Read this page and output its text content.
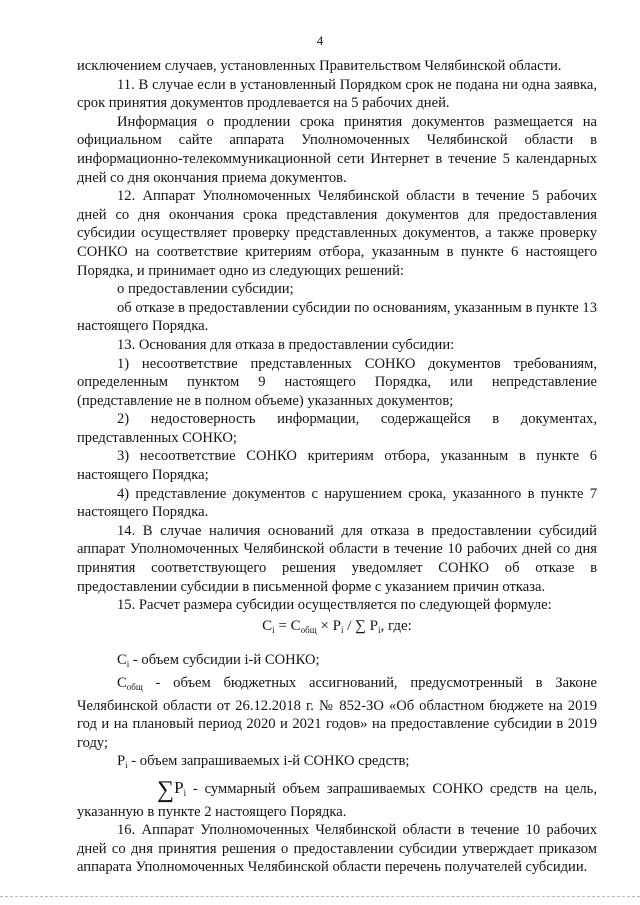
4

исключением случаев, установленных Правительством Челябинской области.

11. В случае если в установленный Порядком срок не подана ни одна заявка, срок принятия документов продлевается на 5 рабочих дней.

Информация о продлении срока принятия документов размещается на официальном сайте аппарата Уполномоченных Челябинской области в информационно-телекоммуникационной сети Интернет в течение 5 календарных дней со дня окончания приема документов.

12. Аппарат Уполномоченных Челябинской области в течение 5 рабочих дней со дня окончания срока представления документов для предоставления субсидии осуществляет проверку представленных документов, а также проверку СОНКО на соответствие критериям отбора, указанным в пункте 6 настоящего Порядка, и принимает одно из следующих решений:

о предоставлении субсидии;

об отказе в предоставлении субсидии по основаниям, указанным в пункте 13 настоящего Порядка.

13. Основания для отказа в предоставлении субсидии:

1) несоответствие представленных СОНКО документов требованиям, определенным пунктом 9 настоящего Порядка, или непредставление (представление не в полном объеме) указанных документов;

2) недостоверность информации, содержащейся в документах, представленных СОНКО;

3) несоответствие СОНКО критериям отбора, указанным в пункте 6 настоящего Порядка;

4) представление документов с нарушением срока, указанного в пункте 7 настоящего Порядка.

14. В случае наличия оснований для отказа в предоставлении субсидий аппарат Уполномоченных Челябинской области в течение 10 рабочих дней со дня принятия соответствующего решения уведомляет СОНКО об отказе в предоставлении субсидии в письменной форме с указанием причин отказа.

15. Расчет размера субсидии осуществляется по следующей формуле:

$C_i = C_{общ} \times P_i$ / ∑ $P_i$, где:

$C_i$ - объем субсидии i-й СОНКО;

$C_{общ}$ - объем бюджетных ассигнований, предусмотренный в Законе Челябинской области от 26.12.2018 г. № 852-ЗО «Об областном бюджете на 2019 год и на плановый период 2020 и 2021 годов» на предоставление субсидии в 2019 году;

$P_i$ - объем запрашиваемых i-й СОНКО средств;

$\sum P_i$ - суммарный объем запрашиваемых СОНКО средств на цель, указанную в пункте 2 настоящего Порядка.

16. Аппарат Уполномоченных Челябинской области в течение 10 рабочих дней со дня принятия решения о предоставлении субсидии утверждает приказом аппарата Уполномоченных Челябинской области перечень получателей субсидии.
